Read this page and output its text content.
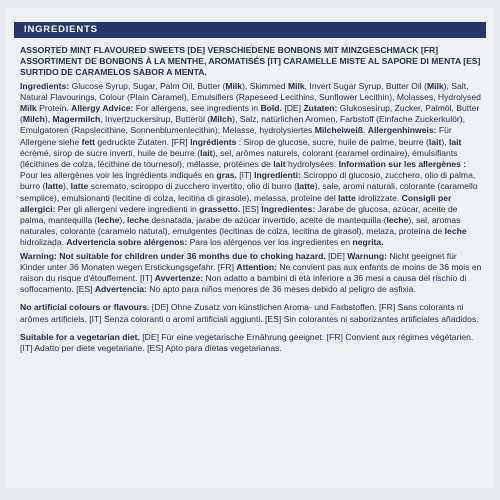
INGREDIENTS

ASSORTED MINT FLAVOURED SWEETS [DE] VERSCHIEDENE BONBONS MIT MINZGESCHMACK [FR] ASSORTIMENT DE BONBONS À LA MENTHE, AROMATISÉS [IT] CARAMELLE MISTE AL SAPORE DI MENTA [ES] SURTIDO DE CARAMELOS SABOR A MENTA.

Ingredients: Glucose Syrup, Sugar, Palm Oil, Butter (Milk), Skimmed Milk, Invert Sugar Syrup, Butter Oil (Milk), Salt, Natural Flavourings, Colour (Plain Caramel), Emulsifiers (Rapeseed Lecithins, Sunflower Lecithin), Molasses, Hydrolysed Milk Protein. Allergy Advice: For allergens, see ingredients in Bold. [DE] Zutaten: Glukosesirup, Zucker, Palmöl, Butter (Milch), Magermilch, Invertzuckersirup, Butteröl (Milch), Salz, natürlichen Aromen, Farbstoff (Einfache Zuckerkulör), Emulgatoren (Rapslecithine, Sonnenblumenlecithin), Melasse, hydrolysiertes Milcheiweiß. Allergenhinweis: Für Allergene siehe fett gedruckte Zutaten. [FR] Ingrédients : Sirop de glucose, sucre, huile de palme, beurre (lait), lait écrémé, sirop de sucre inverti, huile de beurre (lait), sel, arômes naturels, colorant (caramel ordinaire), émulsifiants (lécithines de colza, lécithine de tournesol), mélasse, protéines de lait hydrolysées. Information sur les allergènes : Pour les allergènes voir les ingrédients indiqués en gras. [IT] Ingredienti: Sciroppo di glucosio, zucchero, olio di palma, burro (latte), latte scremato, sciroppo di zucchero invertito, olio di burro (latte), sale, aromi naturali, colorante (caramello semplice), emulsionanti (lecitine di colza, lecitina di girasole), melassa, proteine del latte idrolizzate. Consigli per allergici: Per gli allergeni vedere ingredienti in grassetto. [ES] Ingredientes: Jarabe de glucosa, azúcar, aceite de palma, mantequilla (leche), leche desnatada, jarabe de azúcar invertido, aceite de mantequilla (leche), sal, aromas naturales, colorante (caramelo natural), emulgentes (lecitinas de colza, lecitina de girasol), melaza, proteína de leche hidrolizada. Advertencia sobre alérgenos: Para los alérgenos ver los ingredientes en negrita.

Warning: Not suitable for children under 36 months due to choking hazard. [DE] Warnung: Nicht geeignet für Kinder unter 36 Monaten wegen Erstickungsgefahr. [FR] Attention: Ne convient pas aux enfants de moins de 36 mois en raison du risque d'étouffement. [IT] Avvertenze: Non adatto a bambini di età inferiore a 36 mesi a causa del rischio di soffocamento. [ES] Advertencia: No apto para niños menores de 36 meses debido al peligro de asfixia.

No artificial colours or flavours. [DE] Ohne Zusatz von künstlichen Aroma- und Farbstoffen. [FR] Sans colorants ni arômes artificiels. [IT] Senza coloranti o aromi artificiali aggiunti. [ES] Sin colorantes ni saborizantes artificiales añadidos.

Suitable for a vegetarian diet. [DE] Für eine vegetarische Ernährung geeignet. [FR] Convient aux régimes végétarien. [IT] Adatto per diete vegetariane. [ES] Apto para dietas vegetarianas.
